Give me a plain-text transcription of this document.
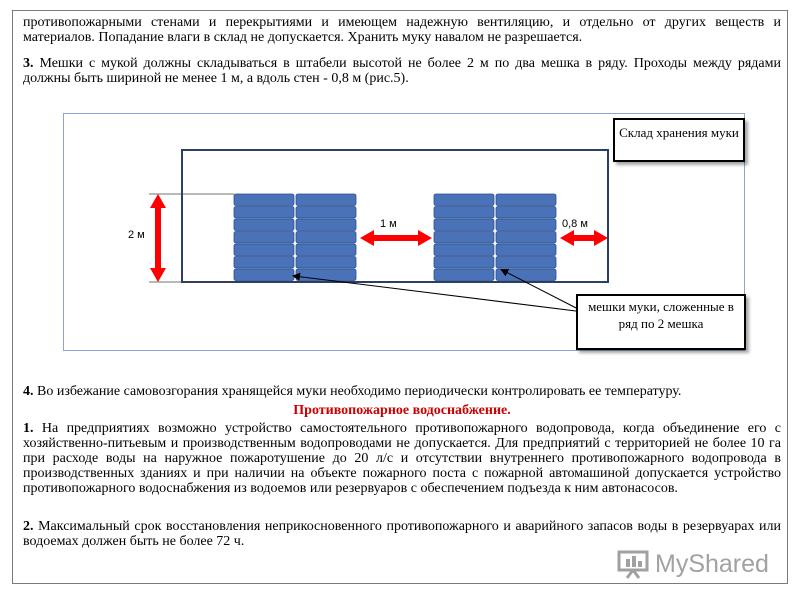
противопожарными стенами и перекрытиями и имеющем надежную вентиляцию, и отдельно от других веществ и материалов. Попадание влаги в склад не допускается. Хранить муку навалом не разрешается.

3. Мешки с мукой должны складываться в штабели высотой не более 2 м по два мешка в ряду. Проходы между рядами должны быть шириной не менее 1 м, а вдоль стен - 0,8 м (рис.5).

2 м
1 м	0,8 м
Склад хранения муки
мешки муки, сложенные в ряд по 2 мешка

4. Во избежание самовозгорания хранящейся муки необходимо периодически контролировать ее температуру.

Противопожарное водоснабжение.

1. На предприятиях возможно устройство самостоятельного противопожарного водопровода, когда объединение его с хозяйственно-питьевым и производственным водопроводами не допускается. Для предприятий с территорией не более 10 га при расходе воды на наружное пожаротушение до 20 л/с и отсутствии внутреннего противопожарного водопровода в производственных зданиях и при наличии на объекте пожарного поста с пожарной автомашиной допускается устройство противопожарного водоснабжения из водоемов или резервуаров с обеспечением подъезда к ним автонасосов.

2. Максимальный срок восстановления неприкосновенного противопожарного и аварийного запасов воды в резервуарах или водоемах должен быть не более 72 ч.

MyShared
